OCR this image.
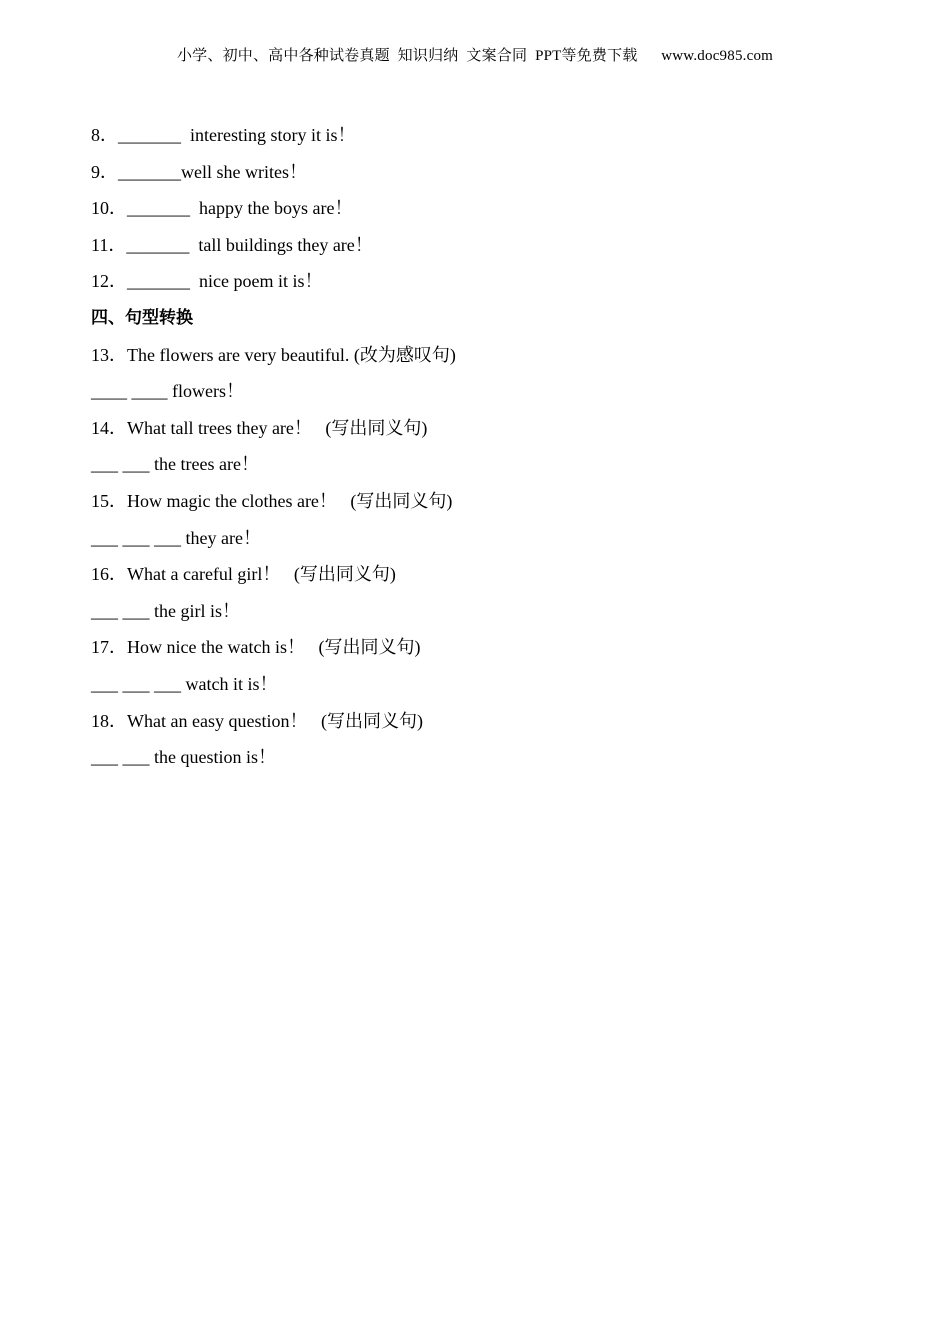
小学、初中、高中各种试卷真题  知识归纳  文案合同  PPT等免费下载      www.doc985.com
8．_______  interesting story it is！
9．_______well she writes！
10．_______  happy the boys are！
11．_______  tall buildings they are！
12．_______  nice poem it is！
四、句型转换
13．The flowers are very beautiful. (改为感叹句)
____ ____ flowers！
14．What tall trees they are！   (写出同义句)
___ ___ the trees are！
15．How magic the clothes are！   (写出同义句)
___ ___ ___ they are！
16．What a careful girl！   (写出同义句)
___ ___ the girl is！
17．How nice the watch is！   (写出同义句)
___ ___ ___ watch it is！
18．What an easy question！   (写出同义句)
___ ___ the question is！
